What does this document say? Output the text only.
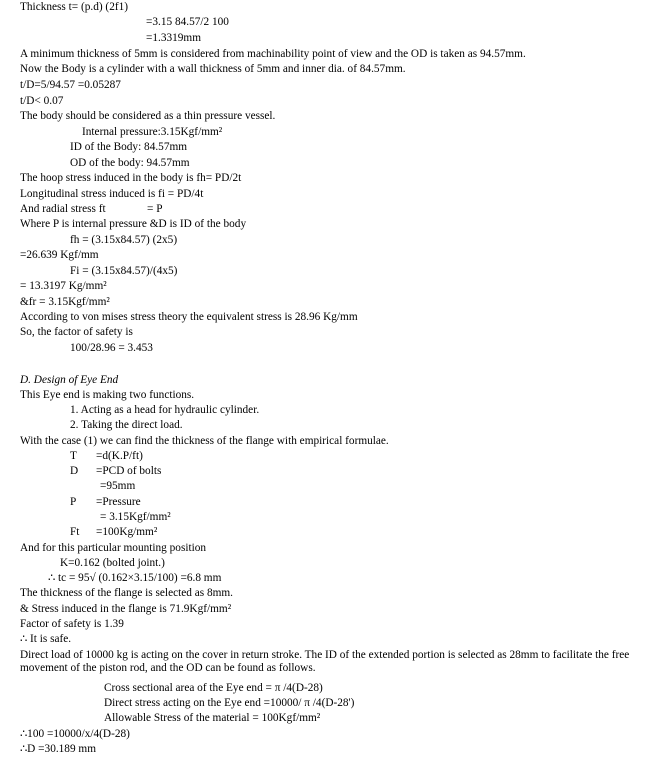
Thickness t= (p.d) (2f1)
=3.15 84.57/2 100
=1.3319mm
A minimum thickness of 5mm is considered from machinability point of view and the OD is taken as 94.57mm.
Now the Body is a cylinder with a wall thickness of 5mm and inner dia. of 84.57mm.
t/D=5/94.57 =0.05287
t/D< 0.07
The body should be considered as a thin pressure vessel.
Internal pressure:3.15Kgf/mm²
ID of the Body: 84.57mm
OD of the body: 94.57mm
The hoop stress induced in the body is fh= PD/2t
Longitudinal stress induced is fi = PD/4t
And radial stress ft	= P
Where P is internal pressure &D is ID of the body
fh = (3.15x84.57) (2x5)
=26.639 Kgf/mm
Fi = (3.15x84.57)/(4x5)
= 13.3197 Kg/mm²
&fr = 3.15Kgf/mm²
According to von mises stress theory the equivalent stress is 28.96 Kg/mm
So, the factor of safety is
100/28.96 = 3.453
D. Design of Eye End
This Eye end is making two functions.
1. Acting as a head for hydraulic cylinder.
2. Taking the direct load.
With the case (1) we can find the thickness of the flange with empirical formulae.
T =d(K.P/ft)
D =PCD of bolts
=95mm
P =Pressure
= 3.15Kgf/mm²
Ft =100Kg/mm²
And for this particular mounting position
K=0.162 (bolted joint.)
∴ tc = 95√ (0.162×3.15/100) =6.8 mm
The thickness of the flange is selected as 8mm.
& Stress induced in the flange is 71.9Kgf/mm²
Factor of safety is 1.39
∴ It is safe.
Direct load of 10000 kg is acting on the cover in return stroke. The ID of the extended portion is selected as 28mm to facilitate the free movement of the piston rod, and the OD can be found as follows.
Cross sectional area of the Eye end = π /4(D-28)
Direct stress acting on the Eye end =10000/ π /4(D-28')
Allowable Stress of the material = 100Kgf/mm²
∴100 =10000/x/4(D-28)
∴D =30.189 mm
